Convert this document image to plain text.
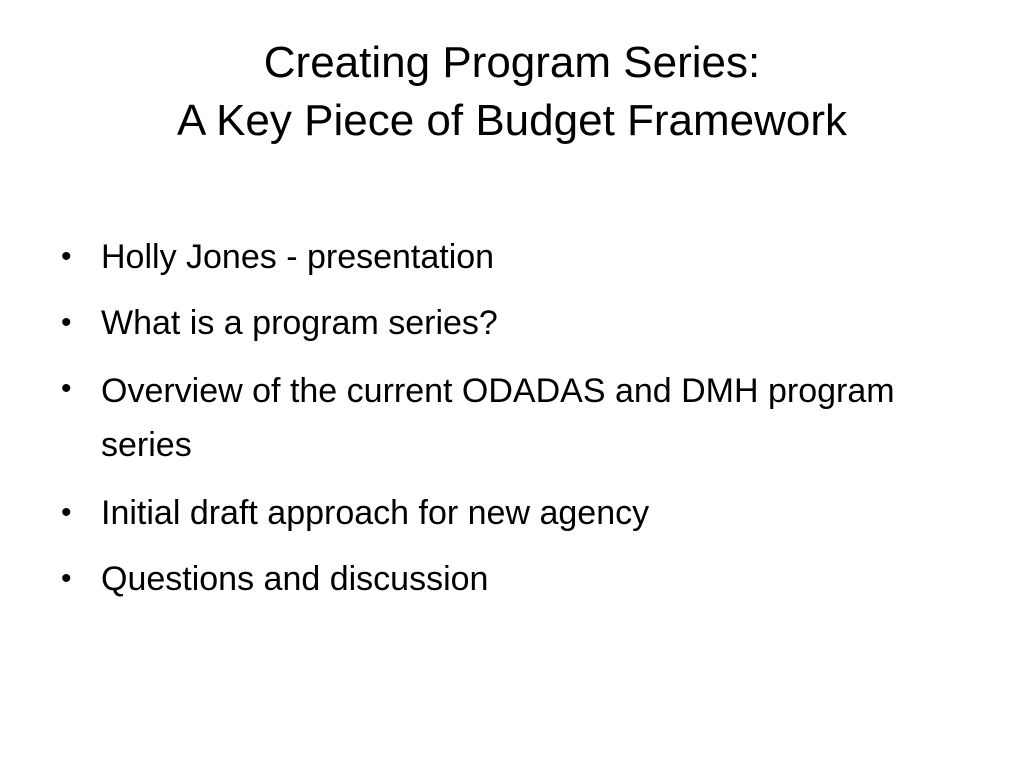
Creating Program Series:
A Key Piece of Budget Framework
• Holly Jones - presentation
• What is a program series?
• Overview of the current ODADAS and DMH program series
• Initial draft approach for new agency
• Questions and discussion
